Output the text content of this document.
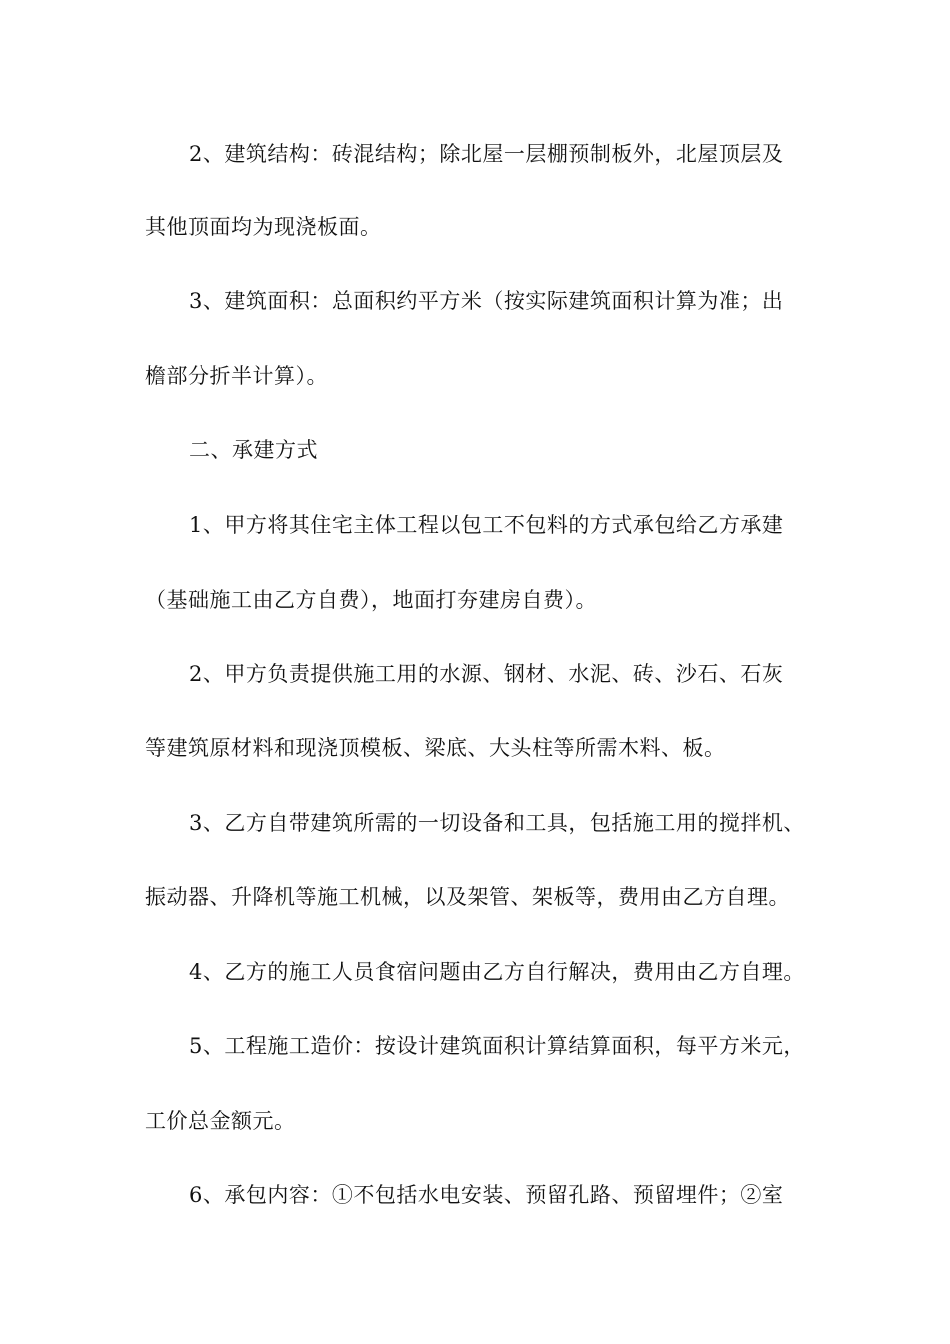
2、建筑结构：砖混结构；除北屋一层棚预制板外，北屋顶层及
其他顶面均为现浇板面。
3、建筑面积：总面积约平方米（按实际建筑面积计算为准；出
檐部分折半计算）。
二、承建方式
1、甲方将其住宅主体工程以包工不包料的方式承包给乙方承建
（基础施工由乙方自费），地面打夯建房自费）。
2、甲方负责提供施工用的水源、钢材、水泥、砖、沙石、石灰
等建筑原材料和现浇顶模板、梁底、大头柱等所需木料、板。
3、乙方自带建筑所需的一切设备和工具，包括施工用的搅拌机、
振动器、升降机等施工机械，以及架管、架板等，费用由乙方自理。
4、乙方的施工人员食宿问题由乙方自行解决，费用由乙方自理。
5、工程施工造价：按设计建筑面积计算结算面积，每平方米元，
工价总金额元。
6、承包内容：①不包括水电安装、预留孔路、预留埋件；②室
